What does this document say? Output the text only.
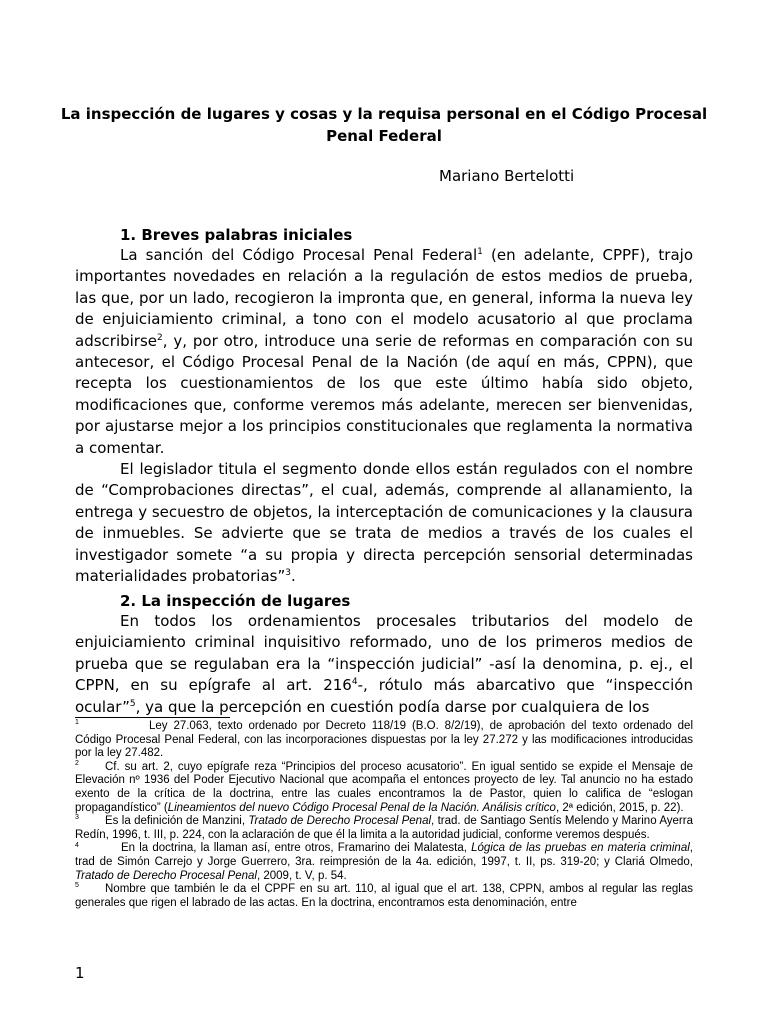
La inspección de lugares y cosas y la requisa personal en el Código Procesal Penal Federal
Mariano Bertelotti
1. Breves palabras iniciales

La sanción del Código Procesal Penal Federal$^1$ (en adelante, CPPF), trajo importantes novedades en relación a la regulación de estos medios de prueba, las que, por un lado, recogieron la impronta que, en general, informa la nueva ley de enjuiciamiento criminal, a tono con el modelo acusatorio al que proclama adscribirse$^2$, y, por otro, introduce una serie de reformas en comparación con su antecesor, el Código Procesal Penal de la Nación (de aquí en más, CPPN), que recepta los cuestionamientos de los que este último había sido objeto, modificaciones que, conforme veremos más adelante, merecen ser bienvenidas, por ajustarse mejor a los principios constitucionales que reglamenta la normativa a comentar.

El legislador titula el segmento donde ellos están regulados con el nombre de “Comprobaciones directas”, el cual, además, comprende al allanamiento, la entrega y secuestro de objetos, la interceptación de comunicaciones y la clausura de inmuebles. Se advierte que se trata de medios a través de los cuales el investigador somete “a su propia y directa percepción sensorial determinadas materialidades probatorias”$^3$.

2. La inspección de lugares

En todos los ordenamientos procesales tributarios del modelo de enjuiciamiento criminal inquisitivo reformado, uno de los primeros medios de prueba que se regulaban era la “inspección judicial” -así la denomina, p. ej., el CPPN, en su epígrafe al art. $216^4-$, rótulo más abarcativo que “inspección ocular”$^5$, ya que la percepción en cuestión podía darse por cualquiera de los

1	Ley 27.063, texto ordenado por Decreto 118/19 (B.O. 8/2/19), de aprobación del texto ordenado del Código Procesal Penal Federal, con las incorporaciones dispuestas por la ley 27.272 y las modificaciones introducidas por la ley 27.482.

2 Cf. su art. 2, cuyo epígrafe reza “Principios del proceso acusatorio”. En igual sentido se expide el Mensaje de Elevación nº 1936 del Poder Ejecutivo Nacional que acompaña el entonces proyecto de ley. Tal anuncio no ha estado exento de la crítica de la doctrina, entre las cuales encontramos la de Pastor, quien lo califica de “eslogan propagandístico” (Lineamientos del nuevo Código Procesal Penal de la Nación. Análisis crítico, 2ª edición, 2015, p. 22).

3 Es la definición de Manzini, Tratado de Derecho Procesal Penal, trad. de Santiago Sentís Melendo y Marino Ayerra Redín, 1996, t. III, p. 224, con la aclaración de que él la limita a la autoridad judicial, conforme veremos después.

4	En la doctrina, la llaman así, entre otros, Framarino dei Malatesta, Lógica de las pruebas en materia criminal, trad de Simón Carrejo y Jorge Guerrero, 3ra. reimpresión de la 4a. edición, 1997, t. II, ps. 319-20; y Clariá Olmedo, Tratado de Derecho Procesal Penal, 2009, t. V, p. 54.

5 Nombre que también le da el CPPF en su art. 110, al igual que el art. 138, CPPN, ambos al regular las reglas generales que rigen el labrado de las actas. En la doctrina, encontramos esta denominación, entre

1
